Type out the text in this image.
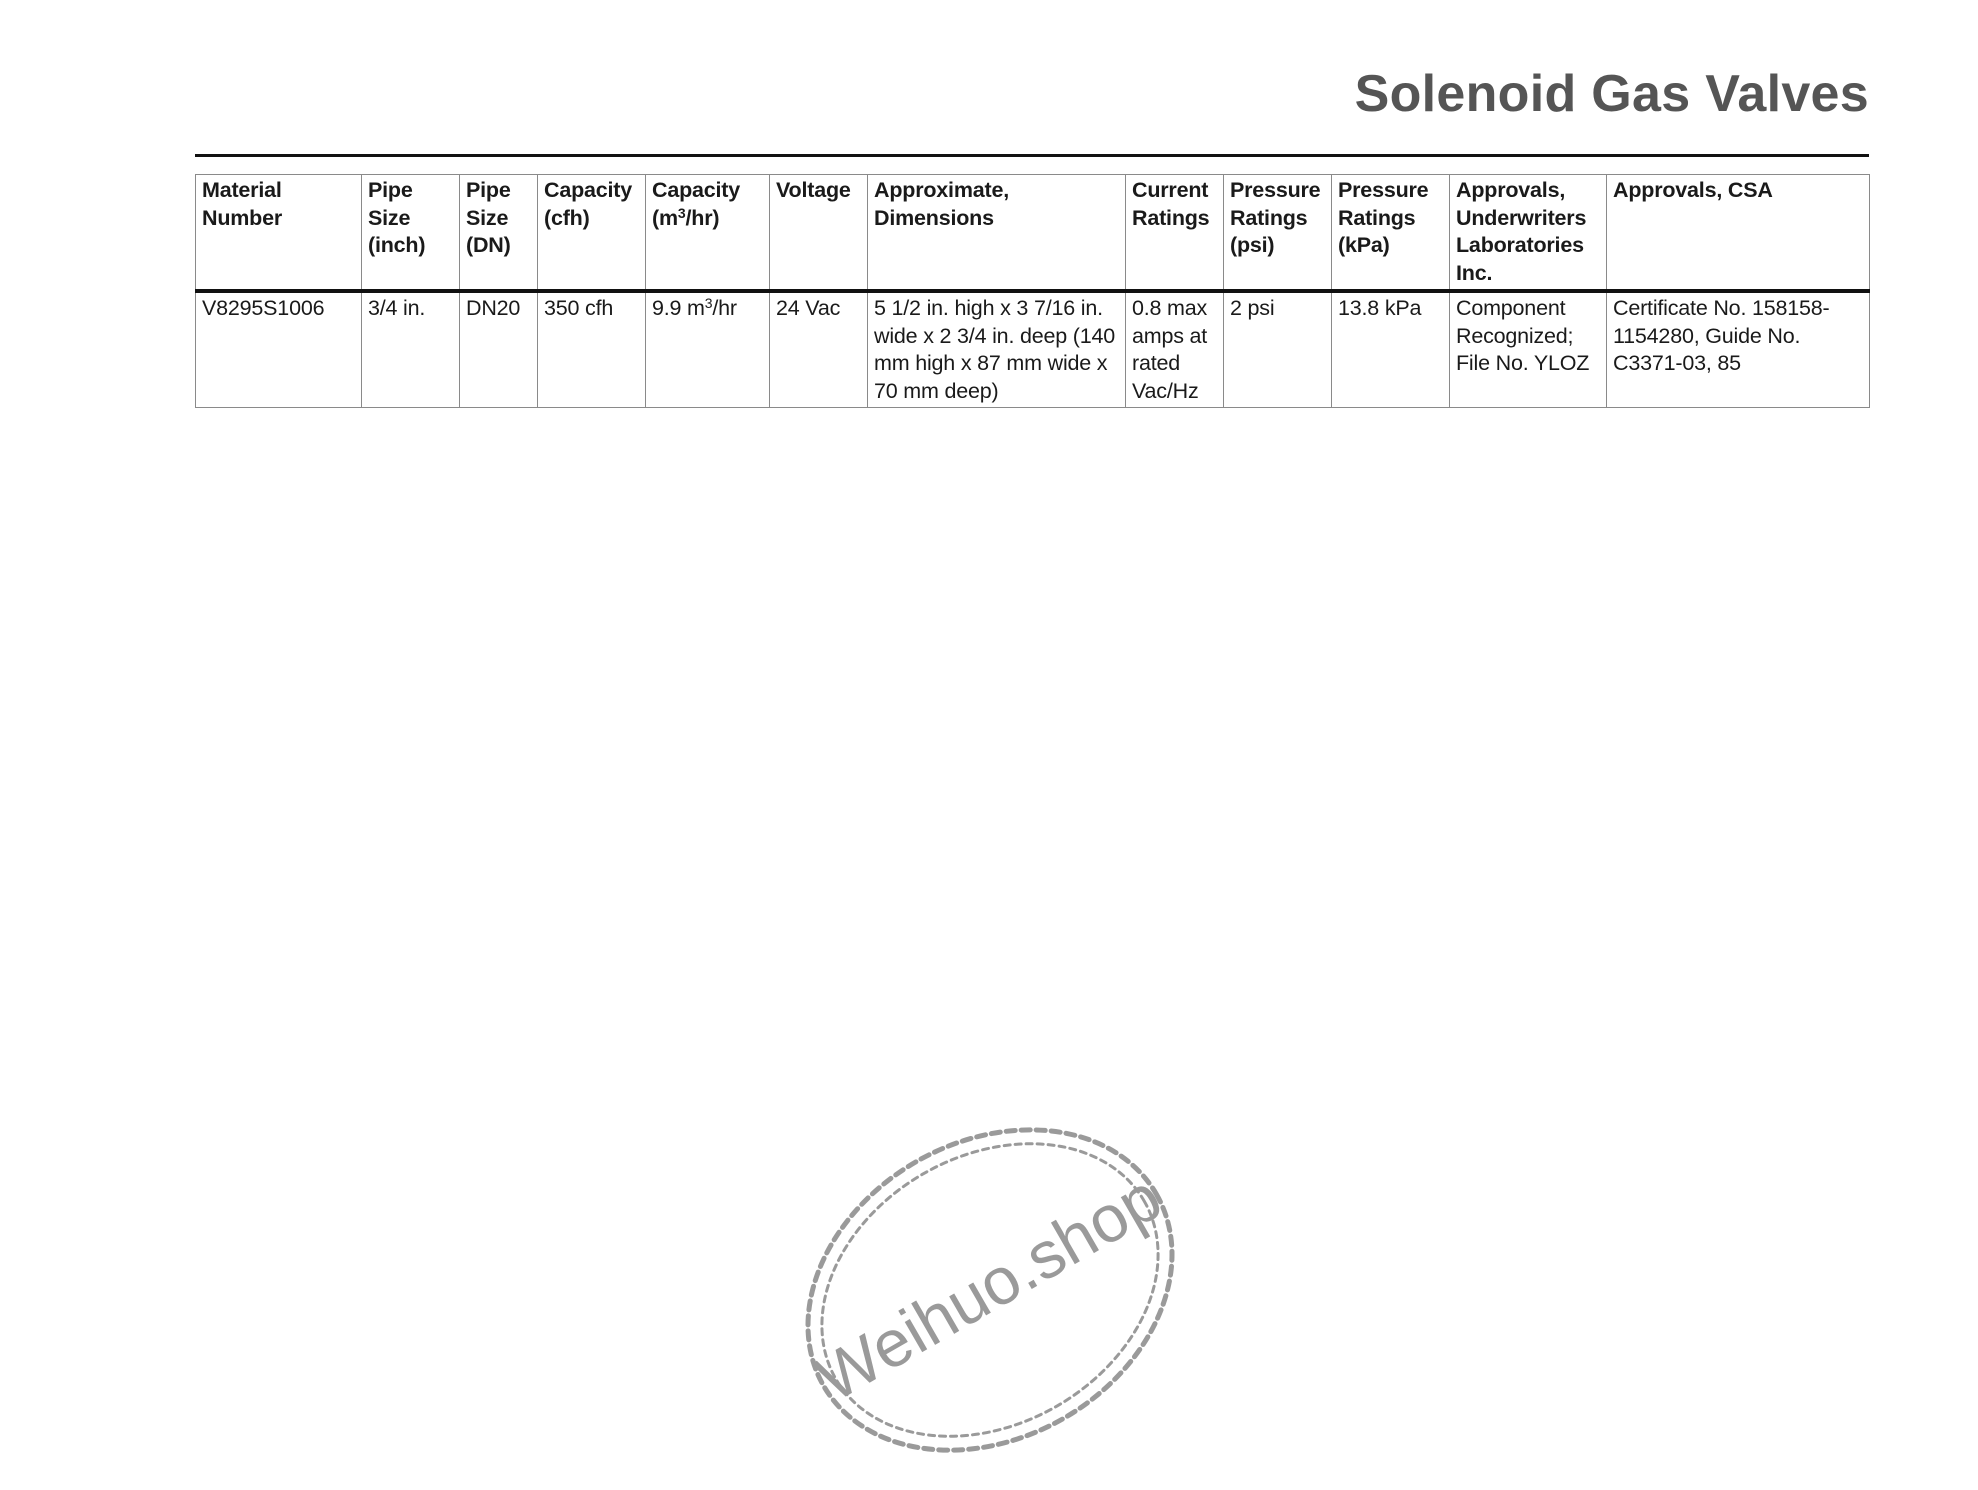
Solenoid Gas Valves
Material Number	Pipe Size (inch)	Pipe Size (DN)	Capacity (cfh)	Capacity $(m^3/hr)$	Voltage	Approximate, Dimensions	Current Ratings	Pressure Ratings (psi)	Pressure Ratings (kPa)	Approvals, Underwriters Laboratories Inc.	Approvals, CSA
V8295S1006	3/4 in.	DN20	350 cfh	9.9 $m^3/hr$	24 Vac	5 1/2 in. high x 3 7/16 in. wide x 2 3/4 in. deep (140 mm high x 87 mm wide x 70 mm deep)	0.8 max amps at rated Vac/Hz	2 psi	13.8 kPa	Component Recognized; File No. YLOZ	Certificate No. 158158-1154280, Guide No. C3371-03, 85
Weihuo.shop
